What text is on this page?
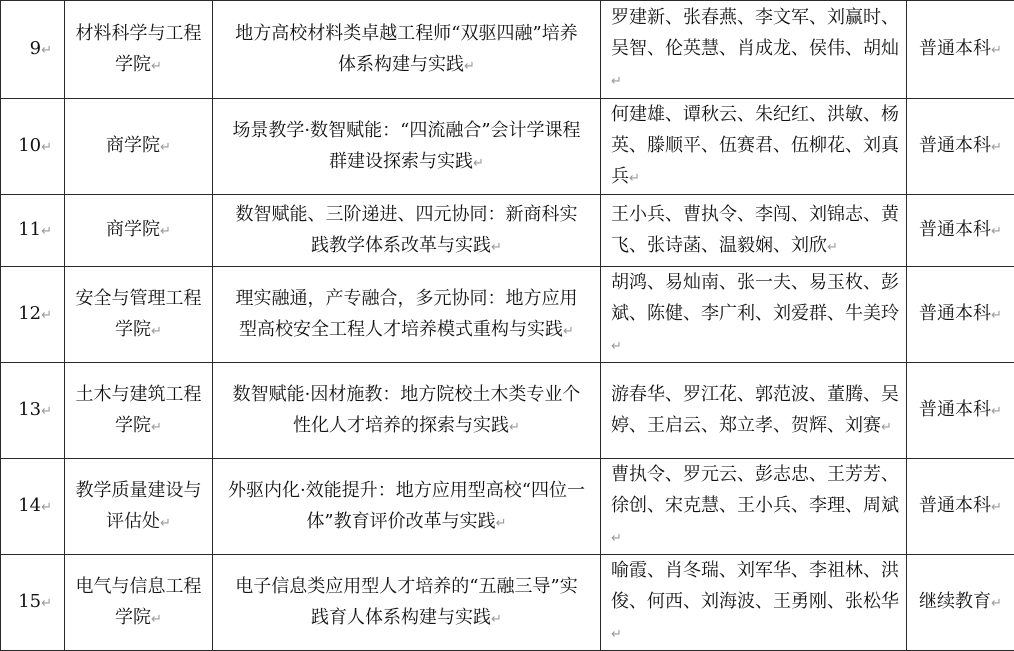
9↵	材料科学与工程学院↵	地方高校材料类卓越工程师“双驱四融”培养体系构建与实践↵	罗建新、张春燕、李文军、刘赢时、吴智、伦英慧、肖成龙、侯伟、胡灿↵	普通本科↵
10↵	商学院↵	场景教学·数智赋能：“四流融合”会计学课程群建设探索与实践↵	何建雄、谭秋云、朱纪红、洪敏、杨英、滕顺平、伍赛君、伍柳花、刘真兵↵	普通本科↵
11↵	商学院↵	数智赋能、三阶递进、四元协同：新商科实践教学体系改革与实践↵	王小兵、曹执令、李闯、刘锦志、黄飞、张诗菡、温毅娴、刘欣↵	普通本科↵
12↵	安全与管理工程学院↵	理实融通，产专融合，多元协同：地方应用型高校安全工程人才培养模式重构与实践↵	胡鸿、易灿南、张一夫、易玉枚、彭斌、陈健、李广利、刘爱群、牛美玲↵	普通本科↵
13↵	土木与建筑工程学院↵	数智赋能·因材施教：地方院校土木类专业个性化人才培养的探索与实践↵	游春华、罗江花、郭范波、董腾、吴婷、王启云、郑立孝、贺辉、刘赛↵	普通本科↵
14↵	教学质量建设与评估处↵	外驱内化·效能提升：地方应用型高校“四位一体”教育评价改革与实践↵	曹执令、罗元云、彭志忠、王芳芳、徐创、宋克慧、王小兵、李理、周斌↵	普通本科↵
15↵	电气与信息工程学院↵	电子信息类应用型人才培养的“五融三导”实践育人体系构建与实践↵	喻霞、肖冬瑞、刘军华、李祖林、洪俊、何西、刘海波、王勇刚、张松华↵	继续教育↵
